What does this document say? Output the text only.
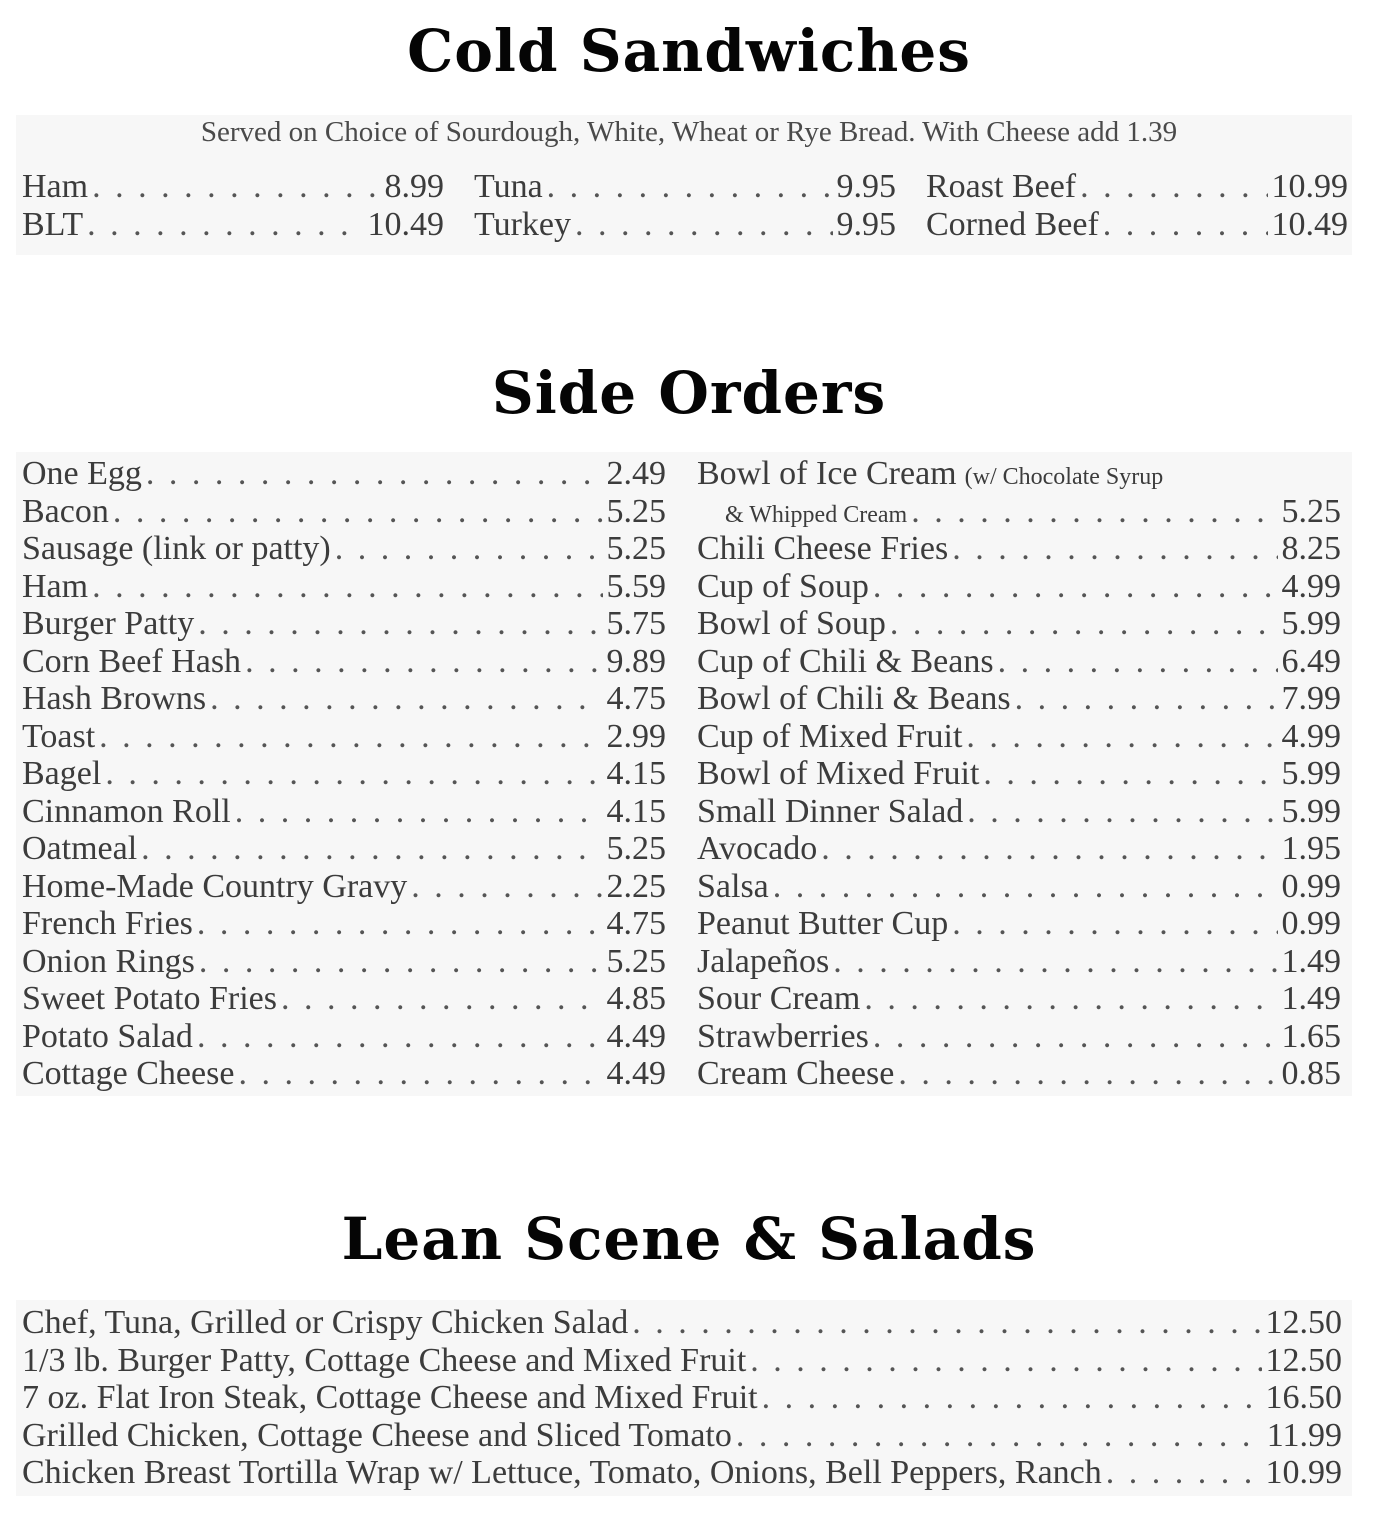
Cold Sandwiches
Served on Choice of Sourdough, White, Wheat or Rye Bread. With Cheese add 1.39
Ham . . .	8.99
BLT . . .	10.49
Tuna . . .	9.95
Turkey . . .	9.95
Roast Beef . . .	10.99
Corned Beef . . .	10.49
Side Orders
One Egg . . .	2.49
Bacon . . .	5.25
Sausage (link or patty) . . .	5.25
Ham . . .	5.59
Burger Patty . . .	5.75
Corn Beef Hash . . .	9.89
Hash Browns . . .	4.75
Toast . . .	2.99
Bagel . . .	4.15
Cinnamon Roll . . .	4.15
Oatmeal . . .	5.25
Home-Made Country Gravy . . .	2.25
French Fries . . .	4.75
Onion Rings . . .	5.25
Sweet Potato Fries . . .	4.85
Potato Salad . . .	4.49
Cottage Cheese . . .	4.49
Bowl of Ice Cream (w/ Chocolate Syrup
& Whipped Cream . . .	5.25
Chili Cheese Fries . . .	8.25
Cup of Soup . . .	4.99
Bowl of Soup . . .	5.99
Cup of Chili & Beans . . .	6.49
Bowl of Chili & Beans . . .	7.99
Cup of Mixed Fruit . . .	4.99
Bowl of Mixed Fruit . . .	5.99
Small Dinner Salad . . .	5.99
Avocado . . .	1.95
Salsa . . .	0.99
Peanut Butter Cup . . .	0.99
Jalapeños . . .	1.49
Sour Cream . . .	1.49
Strawberries . . .	1.65
Cream Cheese . . .	0.85
Lean Scene & Salads
Chef, Tuna, Grilled or Crispy Chicken Salad . . .	12.50
1/3 lb. Burger Patty, Cottage Cheese and Mixed Fruit . . .	12.50
7 oz. Flat Iron Steak, Cottage Cheese and Mixed Fruit . . .	16.50
Grilled Chicken, Cottage Cheese and Sliced Tomato . . .	11.99
Chicken Breast Tortilla Wrap w/ Lettuce, Tomato, Onions, Bell Peppers, Ranch . . .	10.99
